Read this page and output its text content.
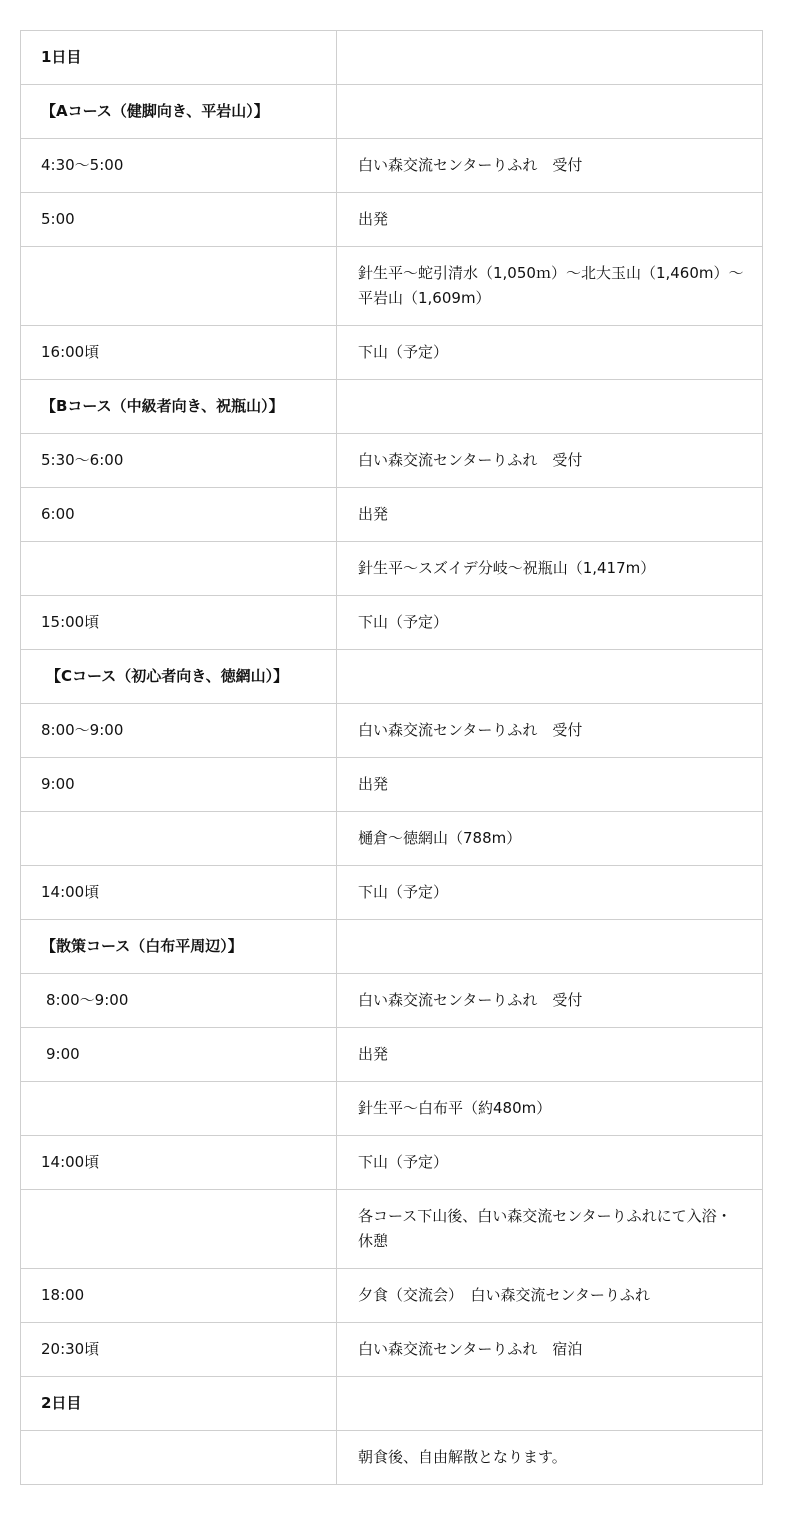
1日目	
【Aコース（健脚向き、平岩山）】	
4:30〜5:00	白い森交流センターりふれ　受付
5:00	出発
	針生平〜蛇引清水（1,050ｍ）〜北大玉山（1,460m）〜平岩山（1,609m）
16:00頃	下山（予定）
【Bコース（中級者向き、祝瓶山）】	
5:30〜6:00	白い森交流センターりふれ　受付
6:00	出発
	針生平〜スズイデ分岐〜祝瓶山（1,417m）
15:00頃	下山（予定）
【Cコース（初心者向き、徳網山）】	
8:00〜9:00	白い森交流センターりふれ　受付
9:00	出発
	樋倉〜徳網山（788m）
14:00頃	下山（予定）
【散策コース（白布平周辺）】	
8:00〜9:00	白い森交流センターりふれ　受付
9:00	出発
	針生平〜白布平（約480m）
14:00頃	下山（予定）
	各コース下山後、白い森交流センターりふれにて入浴・休憩
18:00	夕食（交流会）　白い森交流センターりふれ
20:30頃	白い森交流センターりふれ　宿泊
2日目	
	朝食後、自由解散となります。
